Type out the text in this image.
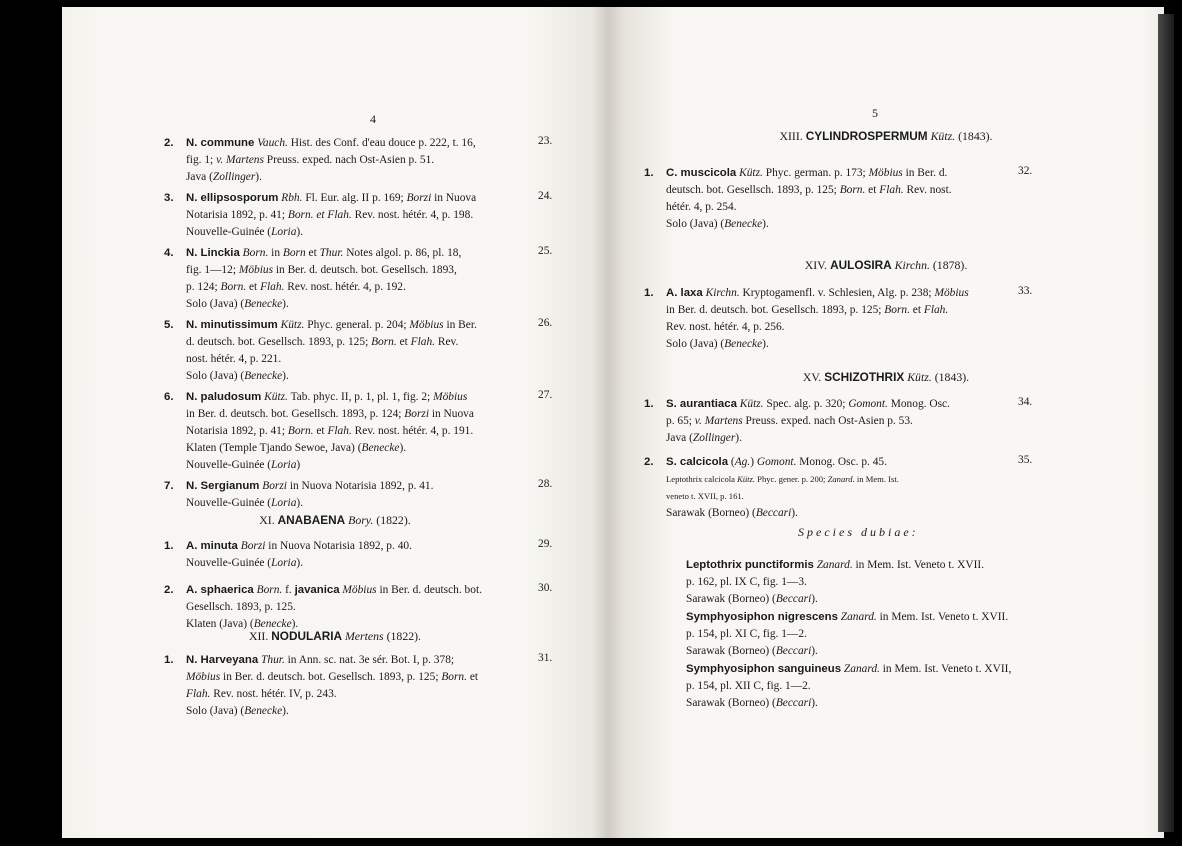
4
XI. ANABAENA Bory. (1822).
XII. NODULARIA Mertens (1822).
2. N. commune Vauch. Hist. des Conf. d'eau douce p. 222, t. 16,
fig. 1; v. Martens Preuss. exped. nach Ost-Asien p. 51.
Java (Zollinger).
23.
3. N. ellipsosporum Rbh. Fl. Eur. alg. II p. 169; Borzi in Nuova
Notarisia 1892, p. 41; Born. et Flah. Rev. nost. hétér. 4, p. 198.
Nouvelle-Guinée (Loria).
24.
4. N. Linckia Born. in Born et Thur. Notes algol. p. 86, pl. 18,
fig. 1—12; Möbius in Ber. d. deutsch. bot. Gesellsch. 1893,
p. 124; Born. et Flah. Rev. nost. hétér. 4, p. 192.
Solo (Java) (Benecke).
25.
5. N. minutissimum Kütz. Phyc. general. p. 204; Möbius in Ber.
d. deutsch. bot. Gesellsch. 1893, p. 125; Born. et Flah. Rev.
nost. hétér. 4, p. 221.
Solo (Java) (Benecke).
26.
6. N. paludosum Kütz. Tab. phyc. II, p. 1, pl. 1, fig. 2; Möbius
in Ber. d. deutsch. bot. Gesellsch. 1893, p. 124; Borzi in Nuova
Notarisia 1892, p. 41; Born. et Flah. Rev. nost. hétér. 4, p. 191.
Klaten (Temple Tjando Sewoe, Java) (Benecke).
Nouvelle-Guinée (Loria)
27.
7. N. Sergianum Borzi in Nuova Notarisia 1892, p. 41.
Nouvelle-Guinée (Loria).
28.
1. A. minuta Borzi in Nuova Notarisia 1892, p. 40.
Nouvelle-Guinée (Loria).
29.
2. A. sphaerica Born. f. javanica Möbius in Ber. d. deutsch. bot.
Gesellsch. 1893, p. 125.
Klaten (Java) (Benecke).
30.
1. N. Harveyana Thur. in Ann. sc. nat. 3e sér. Bot. I, p. 378;
Möbius in Ber. d. deutsch. bot. Gesellsch. 1893, p. 125; Born. et
Flah. Rev. nost. hétér. IV, p. 243.
Solo (Java) (Benecke).
31.
5
XIII. CYLINDROSPERMUM Kütz. (1843).
XIV. AULOSIRA Kirchn. (1878).
XV. SCHIZOTHRIX Kütz. (1843).
Species dubiae:
1. C. muscicola Kütz. Phyc. german. p. 173; Möbius in Ber. d.
deutsch. bot. Gesellsch. 1893, p. 125; Born. et Flah. Rev. nost.
hétér. 4, p. 254.
Solo (Java) (Benecke).
32.
1. A. laxa Kirchn. Kryptogamenfl. v. Schlesien, Alg. p. 238; Möbius
in Ber. d. deutsch. bot. Gesellsch. 1893, p. 125; Born. et Flah.
Rev. nost. hétér. 4, p. 256.
Solo (Java) (Benecke).
33.
1. S. aurantiaca Kütz. Spec. alg. p. 320; Gomont. Monog. Osc.
p. 65; v. Martens Preuss. exped. nach Ost-Asien p. 53.
Java (Zollinger).
34.
2. S. calcicola (Ag.) Gomont. Monog. Osc. p. 45.
Leptothrix calcicola Kütz. Phyc. gener. p. 200; Zanard. in Mem. Ist.
veneto t. XVII, p. 161.
Sarawak (Borneo) (Beccari).
35.
Leptothrix punctiformis Zanard. in Mem. Ist. Veneto t. XVII.
p. 162, pl. IX C, fig. 1—3.
Sarawak (Borneo) (Beccari).
Symphyosiphon nigrescens Zanard. in Mem. Ist. Veneto t. XVII.
p. 154, pl. XI C, fig. 1—2.
Sarawak (Borneo) (Beccari).
Symphyosiphon sanguineus Zanard. in Mem. Ist. Veneto t. XVII,
p. 154, pl. XII C, fig. 1—2.
Sarawak (Borneo) (Beccari).
